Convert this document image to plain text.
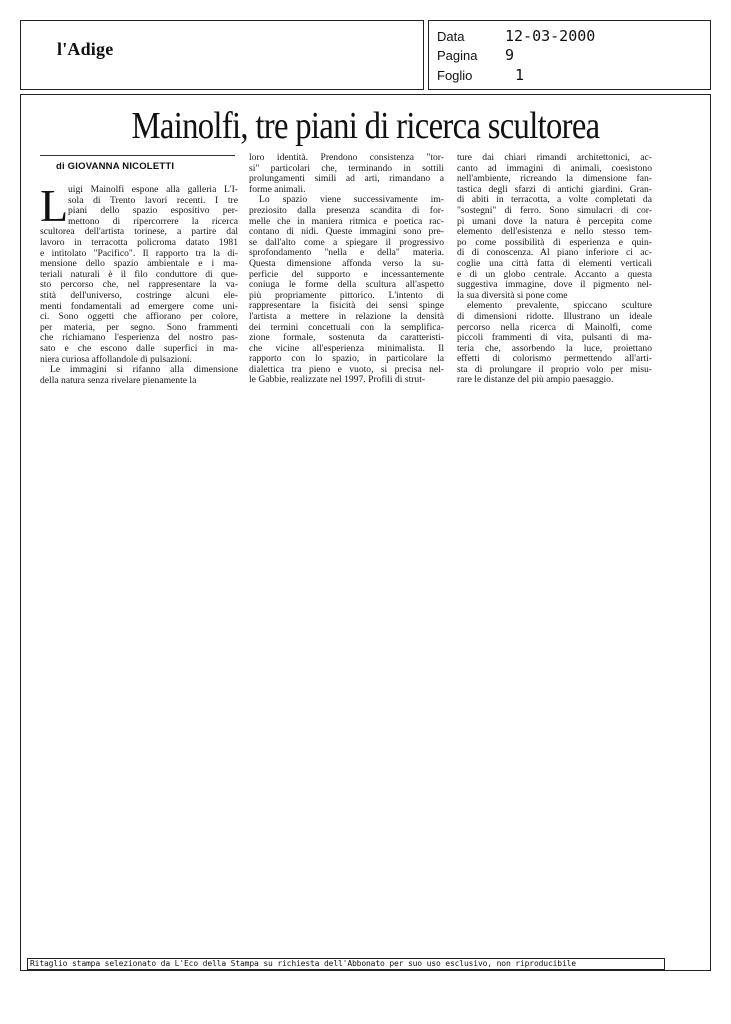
l'Adige
Data	12-03-2000
Pagina	9
Foglio	1
Mainolfi, tre piani di ricerca scultorea
di GIOVANNA NICOLETTI
L uigi Mainolfi espone alla galleria L'I-
sola di Trento lavori recenti. I tre
piani dello spazio espositivo per-
mettono di ripercorrere la ricerca
scultorea dell'artista torinese, a partire dal
lavoro in terracotta policroma datato 1981
e intitolato "Pacifico". Il rapporto tra la di-
mensione dello spazio ambientale e i ma-
teriali naturali è il filo conduttore di que-
sto percorso che, nel rappresentare la va-
stità dell'universo, costringe alcuni ele-
menti fondamentali ad emergere come uni-
ci. Sono oggetti che affiorano per colore,
per materia, per segno. Sono frammenti
che richiamano l'esperienza del nostro pas-
sato e che escono dalle superfici in ma-
niera curiosa affollandole di pulsazioni.
Le immagini si rifanno alla dimensione
della natura senza rivelare pienamente la
loro identità. Prendono consistenza "tor-
si" particolari che, terminando in sottili
prolungamenti simili ad arti, rimandano a
forme animali.
Lo spazio viene successivamente im-
preziosito dalla presenza scandita di for-
melle che in maniera ritmica e poetica rac-
contano di nidi. Queste immagini sono pre-
se dall'alto come a spiegare il progressivo
sprofondamento "nella e della" materia.
Questa dimensione affonda verso la su-
perficie del supporto e incessantemente
coniuga le forme della scultura all'aspetto
più propriamente pittorico. L'intento di
rappresentare la fisicità dei sensi spinge
l'artista a mettere in relazione la densità
dei termini concettuali con la semplifica-
zione formale, sostenuta da caratteristi-
che vicine all'esperienza minimalista. Il
rapporto con lo spazio, in particolare la
dialettica tra pieno e vuoto, si precisa nel-
le Gabbie, realizzate nel 1997. Profili di strut-
ture dai chiari rimandi architettonici, ac-
canto ad immagini di animali, coesistono
nell'ambiente, ricreando la dimensione fan-
tastica degli sfarzi di antichi giardini. Gran-
di abiti in terracotta, a volte completati da
"sostegni" di ferro. Sono simulacri di cor-
pi umani dove la natura è percepita come
elemento dell'esistenza e nello stesso tem-
po come possibilità di esperienza e quin-
di di conoscenza. Al piano inferiore ci ac-
coglie una città fatta di elementi verticali
e di un globo centrale. Accanto a questa
suggestiva immagine, dove il pigmento nel-
la sua diversità si pone come
elemento prevalente, spiccano sculture
di dimensioni ridotte. Illustrano un ideale
percorso nella ricerca di Mainolfi, come
piccoli frammenti di vita, pulsanti di ma-
teria che, assorbendo la luce, proiettano
effetti di colorismo permettendo all'arti-
sta di prolungare il proprio volo per misu-
rare le distanze del più ampio paesaggio.
Ritaglio stampa selezionato da L'Eco della Stampa su richiesta dell'Abbonato per suo uso esclusivo, non riproducibile
